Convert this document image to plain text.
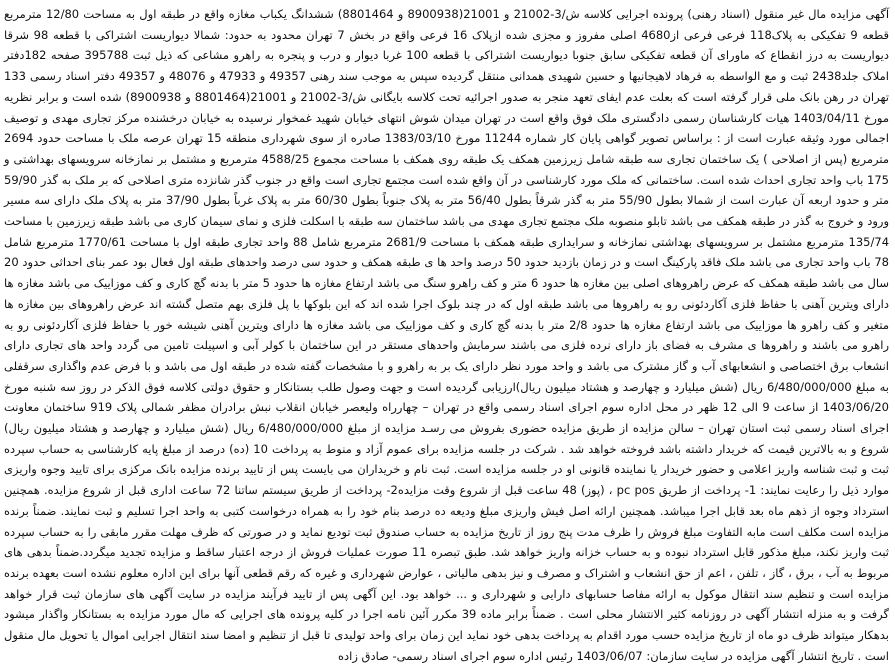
آگهی مزایده مال غیر منقول (اسناد رهنی) پرونده اجرایی کلاسه ش/3-21002 و 21001(8900938 و 8801464) ششدانگ یکباب مغازه واقع در طبقه اول به مساحت 12/80 مترمربع قطعه 9 تفکیکی به پلاک118 فرعی فرعی از4680 اصلی مفروز و مجزی شده ازپلاک 16 فرعی واقع در بخش 7 تهران محدود به حدود: شمالا دیواریست اشتراکی با قطعه 98 شرقا دیواریست به درز انقطاع که ماورای آن قطعه تفکیکی سابق جنوبا دیواریست اشتراکی با قطعه 100 غربا دیوار و درب و پنجره به راهرو مشاعی که ذیل ثبت 395788 صفحه 182دفتر املاک جلد2438 ثبت و مع الواسطه به فرهاد لاهیجانیها و حسین شهیدی همدانی منتقل گردیده سپس به موجب سند رهنی 49357 و 47933 و 48076 و 49357 دفتر اسناد رسمی 133 تهران در رهن بانک ملی قرار گرفته است که بعلت عدم ایفای تعهد منجر به صدور اجرائیه تحت کلاسه بایگانی ش/3-21002 و 21001(8801464 و 8900938) شده است و برابر نظریه مورخ 1403/04/11 هیات کارشناسان رسمی دادگستری ملک فوق واقع است در تهران میدان شوش انتهای خیابان شهید غمخوار نرسیده به خیابان درخشنده مرکز تجاری مهدی و توصیف اجمالی مورد وثیقه عبارت است از : براساس تصویر گواهی پایان کار شماره 11244 مورخ 1383/03/10 صادره از سوی شهرداری منطقه 15 تهران عرصه ملک با مساحت حدود 2694 مترمربع (پس از اصلاحی ) یک ساختمان تجاری سه طبقه شامل زیرزمین همکف یک طبقه روی همکف با مساحت مجموع 4588/25 مترمربع و مشتمل بر نمازخانه سرویسهای بهداشتی و 175 باب واحد تجاری احداث شده است. ساختمانی که ملک مورد کارشناسی در آن واقع شده است مجتمع تجاری است واقع در جنوب گذر شانزده متری اصلاحی که بر ملک به گذر 59/90 متر و حدود اربعه آن عبارت است از شمالا بطول 55/90 متر به گذر شرقاً بطول 56/40 متر به پلاک جنوباً بطول 60/30 متر به پلاک غرباً بطول 37/90 متر به پلاک ملک دارای سه مسیر ورود و خروج به گذر در طبقه همکف می باشد تابلو منصوبه ملک مجتمع تجاری مهدی می باشد ساختمان سه طبقه با اسکلت فلزی و نمای سیمان کاری می باشد طبقه زیرزمین با مساحت 135/74 مترمربع مشتمل بر سرویسهای بهداشتی نمازخانه و سرایداری طبقه همکف با مساحت 2681/9 مترمربع شامل 88 واحد تجاری طبقه اول با مساحت 1770/61 مترمربع شامل 78 باب واحد تجاری می باشد ملک فاقد پارکینگ است و در زمان بازدید حدود 50 درصد واحد ها ی طبقه همکف و حدود سی درصد واحدهای طبقه اول فعال بود عمر بنای احداثی حدود 20 سال می باشد طبقه همکف که عرض راهروهای اصلی بین مغازه ها حدود 6 متر و کف راهرو سنگ می باشد ارتفاع مغازه ها حدود 5 متر با بدنه گچ کاری و کف موزاییک می باشد مغازه ها دارای ویترین آهنی با حفاظ فلزی آکاردئونی رو به راهروها می باشد طبقه اول که در چند بلوک اجرا شده اند که این بلوکها با پل فلزی بهم متصل گشته اند عرض راهروهای بین مغازه ها متغیر و کف راهرو ها موزاییک می باشد ارتفاع مغازه ها حدود 2/8 متر با بدنه گچ کاری و کف موزاییک می باشد مغازه ها دارای ویترین آهنی شیشه خور با حفاظ فلزی آکاردئونی رو به راهرو می باشند و راهروها ی مشرف به فضای باز دارای نرده فلزی می باشند سرمایش واحدهای مستقر در این ساختمان با کولر آبی و اسپیلت تامین می گردد واحد های تجاری دارای انشعاب برق اختصاصی و انشعابهای آب و گاز مشترک می باشد و واحد مورد نظر دارای یک بر به راهرو و با مشخصات گفته شده در طبقه اول می باشد و با فرض عدم واگذاری سرقفلی به مبلغ 6/480/000/000 ریال (شش میلیارد و چهارصد و هشتاد میلیون ریال)ارزیابی گردیده است و جهت وصول طلب بستانکار و حقوق دولتی کلاسه فوق الذکر در روز سه شنبه مورخ 1403/06/20 از ساعت 9 الی 12 ظهر در محل اداره سوم اجرای اسناد رسمی واقع در تهران – چهارراه ولیعصر خیابان انقلاب نبش برادران مظفر شمالی پلاک 919 ساختمان معاونت اجرای اسناد رسمی ثبت استان تهران – سالن مزایده از طریق مزایده حضوری بفروش می رسـد مزایده از مبلغ 6/480/000/000 ریال (شش میلیارد و چهارصد و هشتاد میلیون ریال) شروع و به بالاترین قیمت که خریدار داشته باشد فروخته خواهد شد . شرکت در جلسه مزایده برای عموم آزاد و منوط به پرداخت 10 (ده) درصد از مبلغ پایه کارشناسی به حساب سپرده ثبت و ثبت شناسه واریز اعلامی و حضور خریدار یا نماینده قانونی او در جلسه مزایده است. ثبت نام و خریداران می بایست پس از تایید برنده مزایده بانک مرکزی برای تایید وجوه واریزی موارد ذیل را رعایت نمایند: 1- پرداخت از طریق pc pos ، (پوز) 48 ساعت قبل از شروع وقت مزایده2- پرداخت از طریق سیستم ساتنا 72 ساعت اداری قبل از شروع مزایده. همچنین استرداد وجوه از ذهم ماه بعد قابل اجرا میباشد. همچنین ارائه اصل فیش واریزی مبلغ ودیعه ده درصد بنام خود را به همراه درخواست کتبی به واحد اجرا تسلیم و ثبت نمایند. ضمناً برنده مزایده است مکلف است مابه التفاوت مبلغ فروش را ظرف مدت پنج روز از تاریخ مزایده به حساب صندوق ثبت تودیع نماید و در صورتی که ظرف مهلت مقرر مابقی را به حساب سپرده ثبت واریز نکند، مبلغ مذکور قابل استرداد نبوده و به حساب خزانه واریز خواهد شد. طبق تبصره 11 صورت عملیات فروش از درجه اعتبار ساقط و مزایده تجدید میگردد.ضمناً بدهی های مربوط به آب ، برق ، گاز ، تلفن ، اعم از حق انشعاب و اشتراک و مصرف و نیز بدهی مالیاتی ، عوارض شهرداری و غیره که رقم قطعی آنها برای این اداره معلوم نشده است بعهده برنده مزایده است و تنظیم سند انتقال موکول به ارائه مفاصا حسابهای دارایی و شهرداری و ... خواهد بود. این آگهی پس از تایید فرآیند مزایده در سایت آگهی های سازمان ثبت قرار خواهد گرفت و به منزله انتشار آگهی در روزنامه کثیر الانتشار محلی است . ضمناً برابر ماده 39 مکرر آئین نامه اجرا در کلیه پرونده های اجرایی که مال مورد مزایده به بستانکار واگذار میشود بدهکار میتواند ظرف دو ماه از تاریخ مزایده حسب مورد اقدام به پرداخت بدهی خود نماید این زمان برای واحد تولیدی تا قبل از تنظیم و امضا سند انتقال اجرایی اموال یا تحویل مال منقول است . تاریخ انتشار آگهی مزایده در سایت سازمان: 1403/06/07 رئیس اداره سوم اجرای اسناد رسمی- صادق زاده
